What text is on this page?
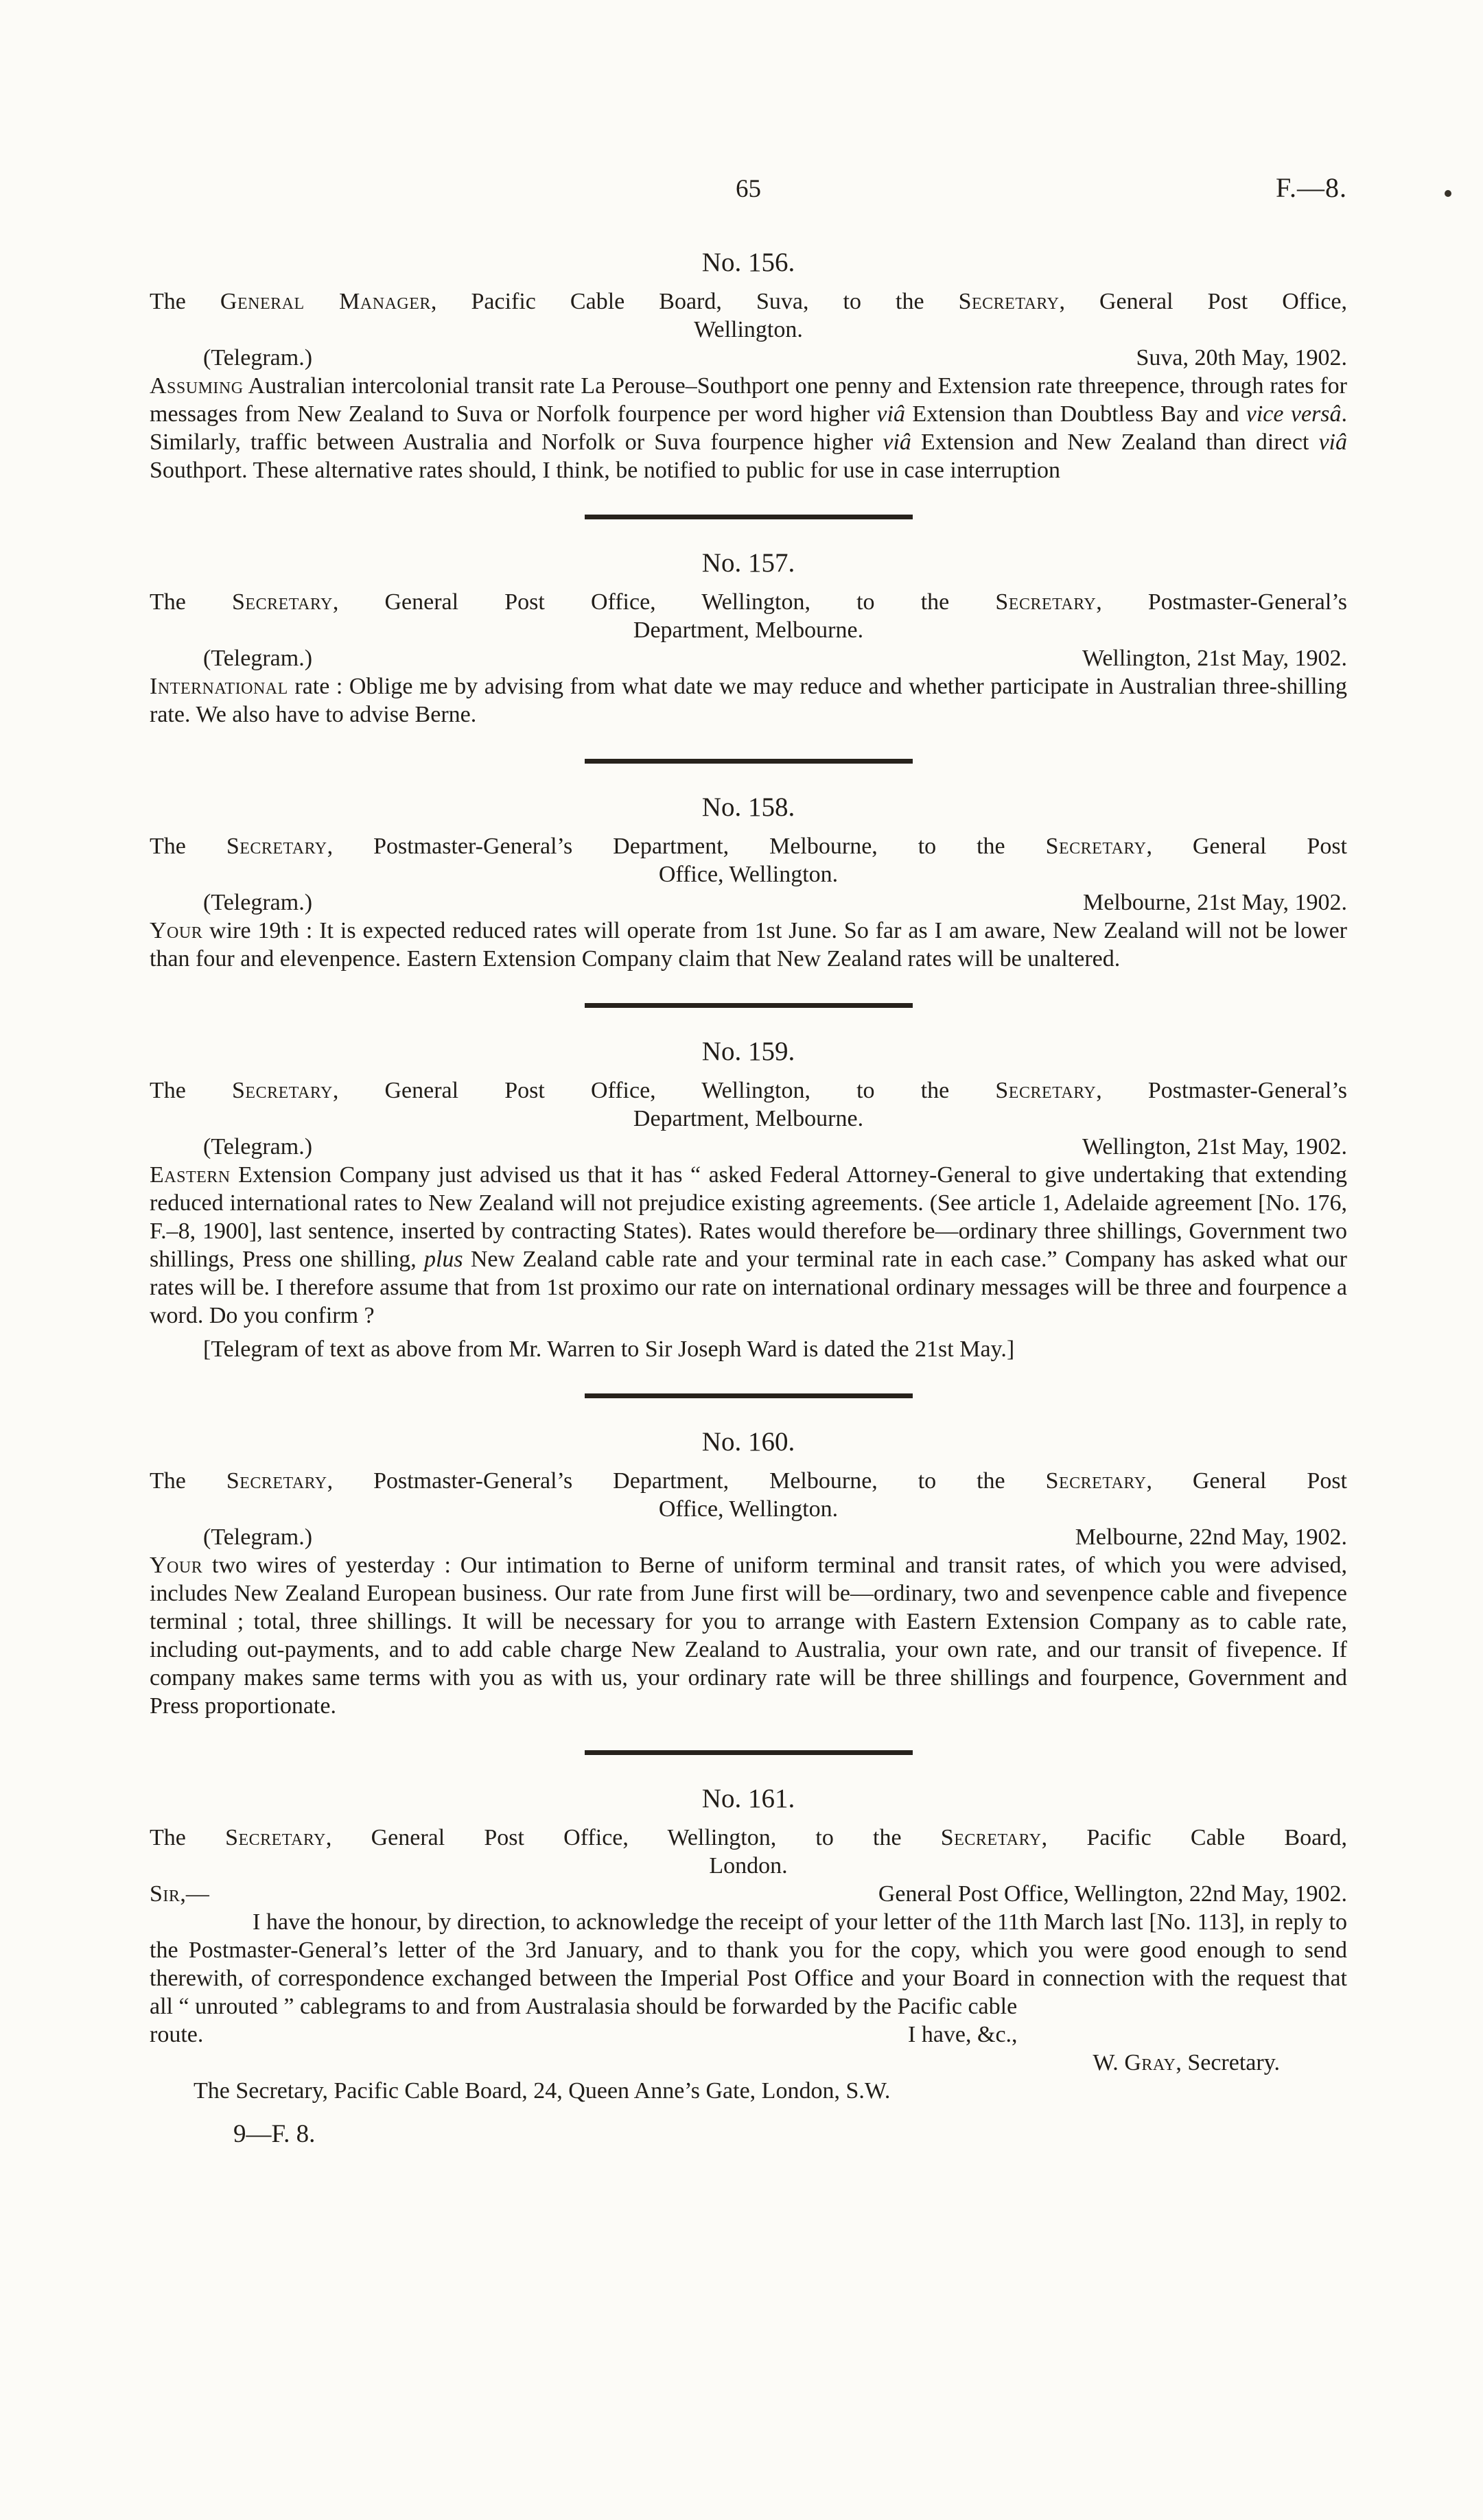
65	F.—8.
No. 156.

The General Manager, Pacific Cable Board, Suva, to the Secretary, General Post Office,

Wellington.

(Telegram.)	Suva, 20th May, 1902.

Assuming Australian intercolonial transit rate La Perouse–Southport one penny and Extension rate threepence, through rates for messages from New Zealand to Suva or Norfolk fourpence per word higher viâ Extension than Doubtless Bay and vice versâ. Similarly, traffic between Australia and Norfolk or Suva fourpence higher viâ Extension and New Zealand than direct viâ Southport. These alternative rates should, I think, be notified to public for use in case interruption

No. 157.

The Secretary, General Post Office, Wellington, to the Secretary, Postmaster-General’s

Department, Melbourne.

(Telegram.)	Wellington, 21st May, 1902.

International rate : Oblige me by advising from what date we may reduce and whether participate in Australian three-shilling rate. We also have to advise Berne.

No. 158.

The Secretary, Postmaster-General’s Department, Melbourne, to the Secretary, General Post

Office, Wellington.

(Telegram.)	Melbourne, 21st May, 1902.

Your wire 19th : It is expected reduced rates will operate from 1st June. So far as I am aware, New Zealand will not be lower than four and elevenpence. Eastern Extension Company claim that New Zealand rates will be unaltered.

No. 159.

The Secretary, General Post Office, Wellington, to the Secretary, Postmaster-General’s

Department, Melbourne.

(Telegram.)	Wellington, 21st May, 1902.

Eastern Extension Company just advised us that it has “ asked Federal Attorney-General to give undertaking that extending reduced international rates to New Zealand will not prejudice existing agreements. (See article 1, Adelaide agreement [No. 176, F.–8, 1900], last sentence, inserted by contracting States). Rates would therefore be—ordinary three shillings, Government two shillings, Press one shilling, plus New Zealand cable rate and your terminal rate in each case.” Company has asked what our rates will be. I therefore assume that from 1st proximo our rate on international ordinary messages will be three and fourpence a word. Do you confirm ?

[Telegram of text as above from Mr. Warren to Sir Joseph Ward is dated the 21st May.]

No. 160.

The Secretary, Postmaster-General’s Department, Melbourne, to the Secretary, General Post

Office, Wellington.

(Telegram.)	Melbourne, 22nd May, 1902.

Your two wires of yesterday : Our intimation to Berne of uniform terminal and transit rates, of which you were advised, includes New Zealand European business. Our rate from June first will be—ordinary, two and sevenpence cable and fivepence terminal ; total, three shillings. It will be necessary for you to arrange with Eastern Extension Company as to cable rate, including out-payments, and to add cable charge New Zealand to Australia, your own rate, and our transit of fivepence. If company makes same terms with you as with us, your ordinary rate will be three shillings and fourpence, Government and Press proportionate.

No. 161.

The Secretary, General Post Office, Wellington, to the Secretary, Pacific Cable Board,

London.

Sir,—	General Post Office, Wellington, 22nd May, 1902.

I have the honour, by direction, to acknowledge the receipt of your letter of the 11th March last [No. 113], in reply to the Postmaster-General’s letter of the 3rd January, and to thank you for the copy, which you were good enough to send therewith, of correspondence exchanged between the Imperial Post Office and your Board in connection with the request that all “ unrouted ” cablegrams to and from Australasia should be forwarded by the Pacific cable

route.	I have, &c.,

W. Gray, Secretary.

The Secretary, Pacific Cable Board, 24, Queen Anne’s Gate, London, S.W.

9—F. 8.
